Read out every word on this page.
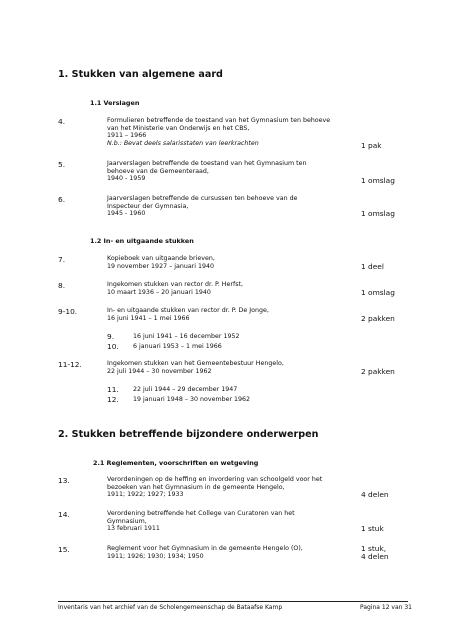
1. Stukken van algemene aard
1.1 Verslagen
4.	Formulieren betreffende de toestand van het Gymnasium ten behoeve
van het Ministerie van Onderwijs en het CBS,
1911 – 1966
N.b.: Bevat deels salarisstaten van leerkrachten	1 pak
5.	Jaarverslagen betreffende de toestand van het Gymnasium ten
behoeve van de Gemeenteraad,
1940 - 1959	1 omslag
6.	Jaarverslagen betreffende de cursussen ten behoeve van de
Inspecteur der Gymnasia,
1945 - 1960	1 omslag
1.2 In- en uitgaande stukken
7.	Kopieboek van uitgaande brieven,
19 november 1927 – januari 1940	1 deel
8.	Ingekomen stukken van rector dr. P. Herfst,
10 maart 1936 – 20 januari 1940	1 omslag
9-10.	In- en uitgaande stukken van rector dr. P. De Jonge,
16 juni 1941 – 1 mei 1966	2 pakken
9.	16 juni 1941 – 16 december 1952
10. 6 januari 1953 – 1 mei 1966
11-12.	Ingekomen stukken van het Gemeentebestuur Hengelo,
22 juli 1944 – 30 november 1962	2 pakken
11. 22 juli 1944 – 29 december 1947
12. 19 januari 1948 – 30 november 1962
2. Stukken betreffende bijzondere onderwerpen
2.1 Reglementen, voorschriften en wetgeving
13.	Verordeningen op de heffing en invordering van schoolgeld voor het
bezoeken van het Gymnasium in de gemeente Hengelo,
1911; 1922; 1927; 1933	4 delen
14.	Verordening betreffende het College van Curatoren van het
Gymnasium,
13 februari 1911	1 stuk
15.	Reglement voor het Gymnasium in de gemeente Hengelo (O),
1911; 1926; 1930; 1934; 1950
1 stuk,
4 delen
Inventaris van het archief van de Scholengemeenschap de Bataafse Kamp	Pagina 12 van 31
